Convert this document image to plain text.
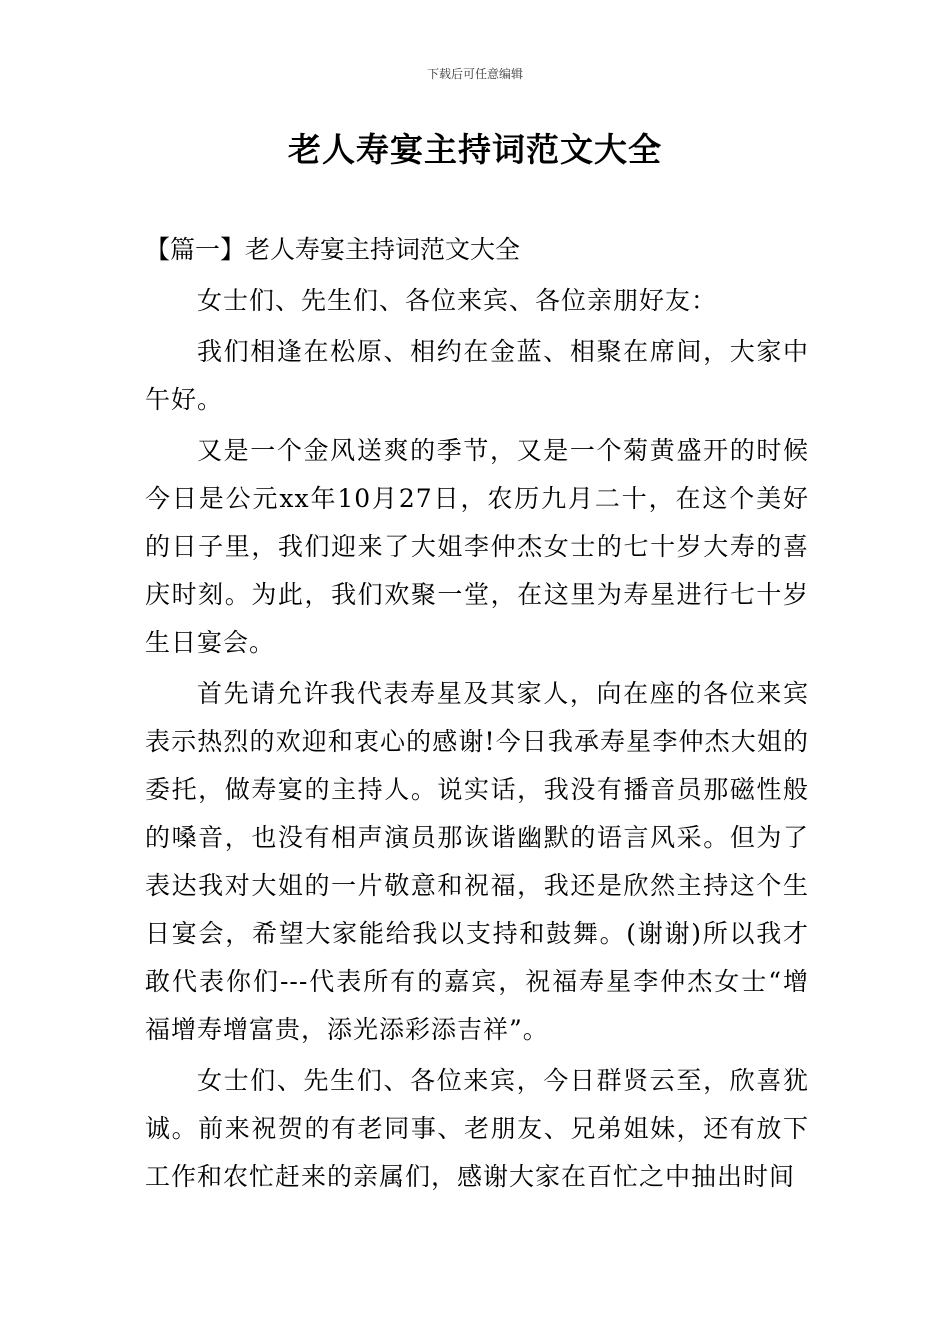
下载后可任意编辑
老人寿宴主持词范文大全

【篇一】老人寿宴主持词范文大全

女士们、先生们、各位来宾、各位亲朋好友：

我们相逢在松原、相约在金蓝、相聚在席间，大家中午好。

又是一个金风送爽的季节，又是一个菊黄盛开的时候今日是公元xx年10月27日，农历九月二十，在这个美好的日子里，我们迎来了大姐李仲杰女士的七十岁大寿的喜庆时刻。为此，我们欢聚一堂，在这里为寿星进行七十岁生日宴会。

首先请允许我代表寿星及其家人，向在座的各位来宾表示热烈的欢迎和衷心的感谢!今日我承寿星李仲杰大姐的委托，做寿宴的主持人。说实话，我没有播音员那磁性般的嗓音，也没有相声演员那诙谐幽默的语言风采。但为了表达我对大姐的一片敬意和祝福，我还是欣然主持这个生日宴会，希望大家能给我以支持和鼓舞。(谢谢)所以我才敢代表你们---代表所有的嘉宾，祝福寿星李仲杰女士“增福增寿增富贵，添光添彩添吉祥”。

女士们、先生们、各位来宾，今日群贤云至，欣喜犹诚。前来祝贺的有老同事、老朋友、兄弟姐妹，还有放下工作和农忙赶来的亲属们，感谢大家在百忙之中抽出时间
